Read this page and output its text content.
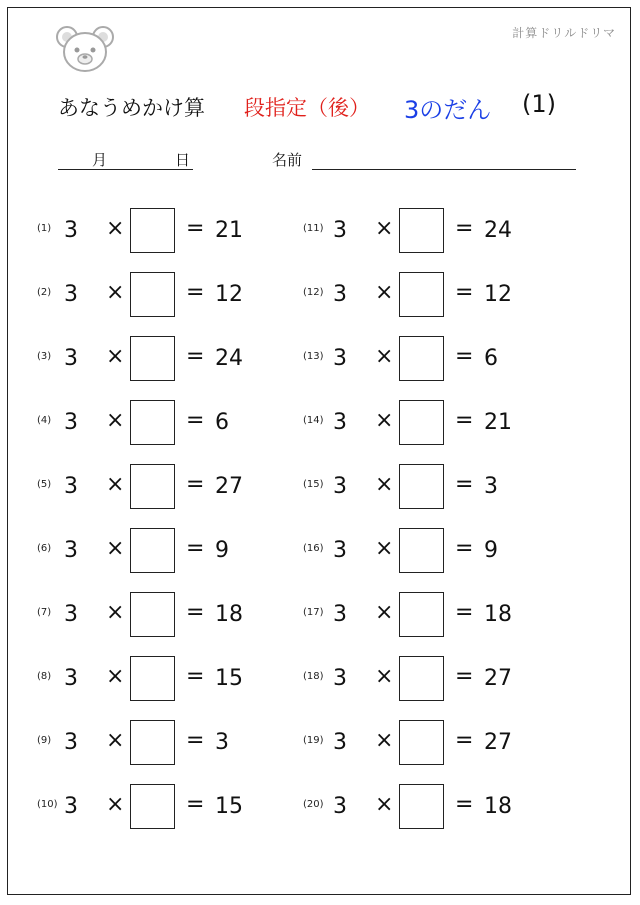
計算ドリルドリマ
あなうめかけ算 段指定（後） 3のだん (1)
月	日	名前
(1) 3 ×	= 21
(2) 3 ×	= 12
(3) 3 ×	= 24
(4) 3 ×	= 6
(5) 3 ×	= 27
(6) 3 ×	= 9
(7) 3 ×	= 18
(8) 3 ×	= 15
(9) 3 ×	= 3
(10) 3 ×	= 15
(11) 3 ×	= 24
(12) 3 ×	= 12
(13) 3 ×	= 6
(14) 3 ×	= 21
(15) 3 ×	= 3
(16) 3 ×	= 9
(17) 3 ×	= 18
(18) 3 ×	= 27
(19) 3 ×	= 27
(20) 3 ×	= 18
